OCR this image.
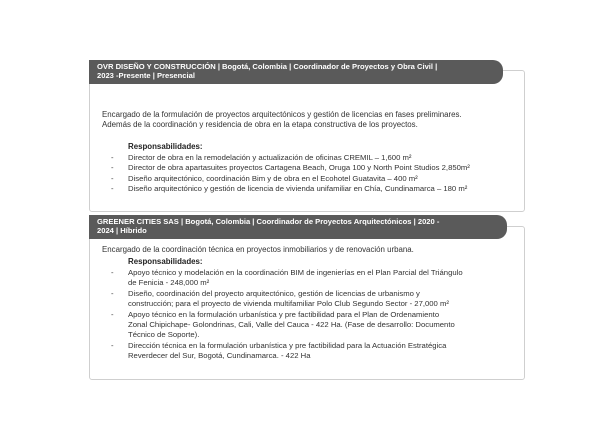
OVR DISEÑO Y CONSTRUCCIÓN | Bogotá, Colombia | Coordinador de Proyectos y Obra Civil |
2023 -Presente | Presencial

Encargado de la formulación de proyectos arquitectónicos y gestión de licencias en fases preliminares.

Además de la coordinación y residencia de obra en la etapa constructiva de los proyectos.

Responsabilidades:
- Director de obra en la remodelación y actualización de oficinas CREMIL – 1,600 m²
- Director de obra apartasuites proyectos Cartagena Beach, Oruga 100 y North Point Studios 2,850m²
- Diseño arquitectónico, coordinación Bim y de obra en el Ecohotel Guatavita – 400 m²
- Diseño arquitectónico y gestión de licencia de vivienda unifamiliar en Chía, Cundinamarca – 180 m²
GREENER CITIES SAS | Bogotá, Colombia | Coordinador de Proyectos Arquitectónicos | 2020 -
2024 | Híbrido

Encargado de la coordinación técnica en proyectos inmobiliarios y de renovación urbana.

Responsabilidades:
- Apoyo técnico y modelación en la coordinación BIM de ingenierías en el Plan Parcial del Triángulo
de Fenicia - 248,000 m²
- Diseño, coordinación del proyecto arquitectónico, gestión de licencias de urbanismo y
construcción; para el proyecto de vivienda multifamiliar Polo Club Segundo Sector - 27,000 m²
- Apoyo técnico en la formulación urbanística y pre factibilidad para el Plan de Ordenamiento
Zonal Chipichape- Golondrinas, Cali, Valle del Cauca - 422 Ha. (Fase de desarrollo: Documento
Técnico de Soporte).
- Dirección técnica en la formulación urbanística y pre factibilidad para la Actuación Estratégica
Reverdecer del Sur, Bogotá, Cundinamarca. - 422 Ha
